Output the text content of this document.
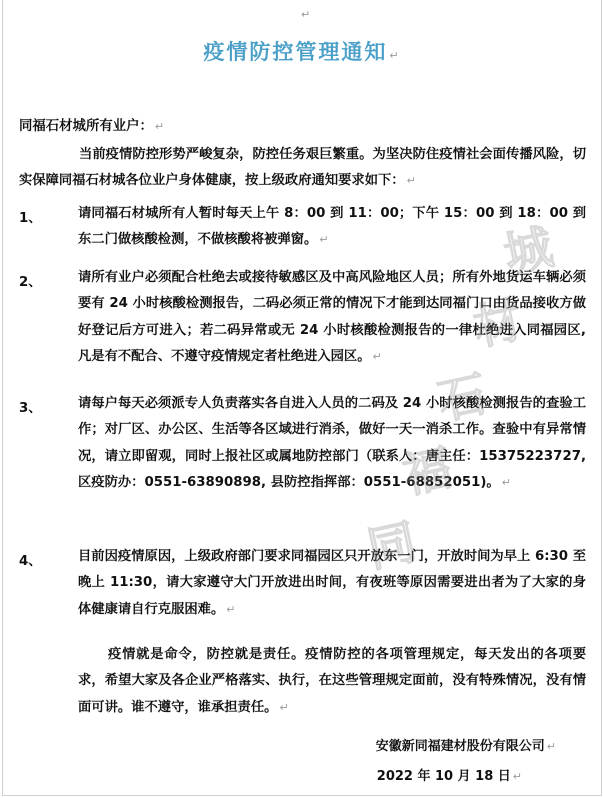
↵
疫情防控管理通知 ↵
同福石材城所有业户： ↵
当前疫情防控形势严峻复杂，防控任务艰巨繁重。为坚决防住疫情社会面传播风险，切实保障同福石材城各位业户身体健康，按上级政府通知要求如下： ↵
1、	请同福石材城所有人暂时每天上午 8：00 到 11：00；下午 15：00 到 18：00 到东二门做核酸检测，不做核酸将被弹窗。 ↵
2、	请所有业户必须配合杜绝去或接待敏感区及中高风险地区人员；所有外地货运车辆必须要有 24 小时核酸检测报告，二码必须正常的情况下才能到达同福门口由货品接收方做好登记后方可进入；若二码异常或无 24 小时核酸检测报告的一律杜绝进入同福园区,凡是有不配合、不遵守疫情规定者杜绝进入园区。 ↵
3、	请每户每天必须派专人负责落实各自进入人员的二码及 24 小时核酸检测报告的查验工作；对厂区、办公区、生活等各区域进行消杀，做好一天一消杀工作。查验中有异常情况，请立即留观，同时上报社区或属地防控部门（联系人：唐主任：15375223727, 区疫防办：0551-63890898, 县防控指挥部：0551-68852051)。 ↵
4、	目前因疫情原因，上级政府部门要求同福园区只开放东一门，开放时间为早上 6:30 至晚上 11:30，请大家遵守大门开放进出时间，有夜班等原因需要进出者为了大家的身体健康请自行克服困难。 ↵
疫情就是命令，防控就是责任。疫情防控的各项管理规定，每天发出的各项要求，希望大家及各企业严格落实、执行，在这些管理规定面前，没有特殊情况，没有情面可讲。谁不遵守，谁承担责任。 ↵
安徽新同福建材股份有限公司 ↵
2022 年 10 月 18 日 ↵
同
福
石
材
城
